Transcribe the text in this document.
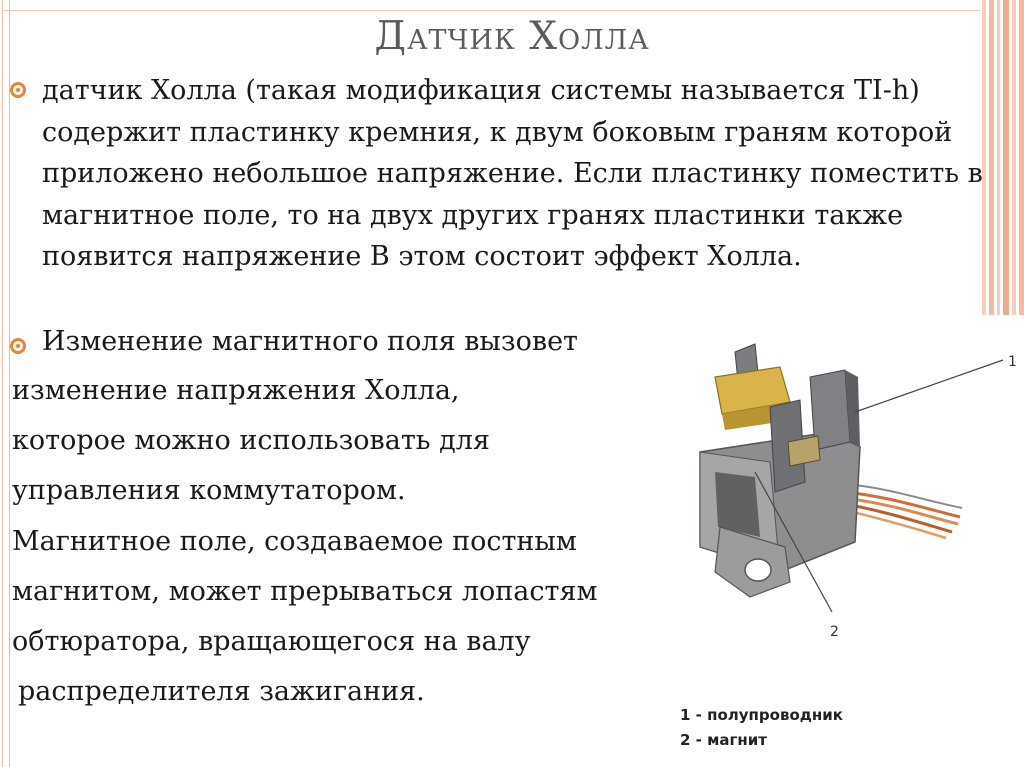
Датчик Холла
датчик Холла (такая модификация системы называется TI-h) содержит пластинку кремния, к двум боковым граням которой приложено небольшое напряжение. Если пластинку поместить в магнитное поле, то на двух других гранях пластинки также появится напряжение В этом состоит эффект Холла.
Изменение магнитного поля вызовет
изменение напряжения Холла,
которое можно использовать для
управления коммутатором.
Магнитное поле, создаваемое постным
магнитом, может прерываться лопастям
обтюратора, вращающегося на валу
распределителя зажигания.
1
2
1 - полупроводник
2 - магнит
